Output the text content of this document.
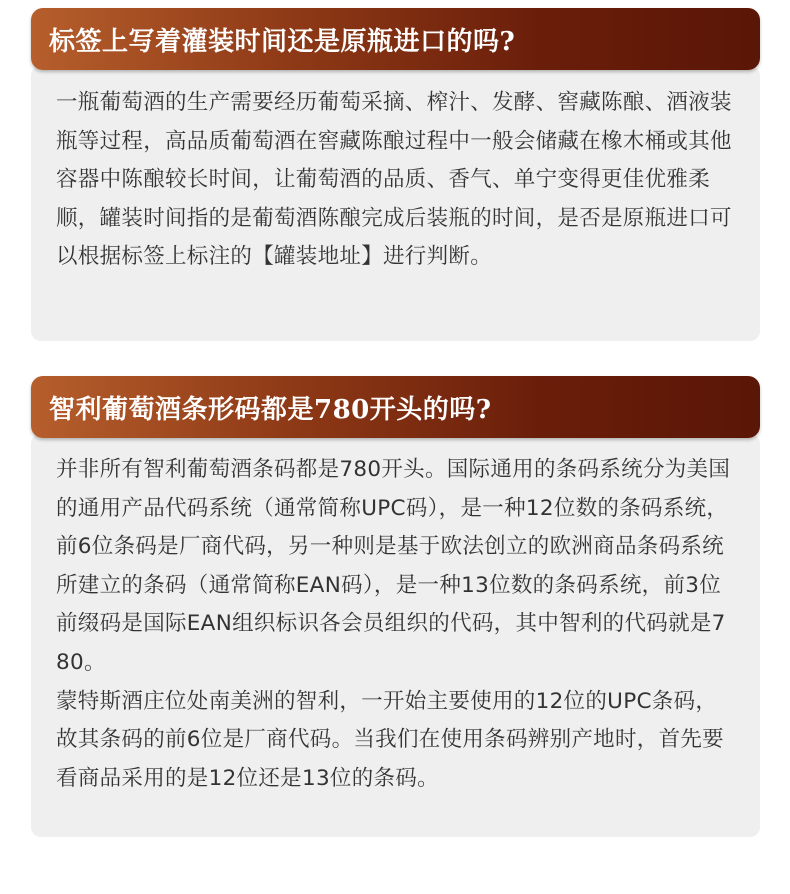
标签上写着灌装时间还是原瓶进口的吗?

一瓶葡萄酒的生产需要经历葡萄采摘、榨汁、发酵、窖藏陈酿、酒液装瓶等过程，高品质葡萄酒在窖藏陈酿过程中一般会储藏在橡木桶或其他容器中陈酿较长时间，让葡萄酒的品质、香气、单宁变得更佳优雅柔顺，罐装时间指的是葡萄酒陈酿完成后装瓶的时间，是否是原瓶进口可以根据标签上标注的【罐装地址】进行判断。

智利葡萄酒条形码都是780开头的吗?

并非所有智利葡萄酒条码都是780开头。国际通用的条码系统分为美国的通用产品代码系统（通常简称UPC码），是一种12位数的条码系统，前6位条码是厂商代码，另一种则是基于欧法创立的欧洲商品条码系统所建立的条码（通常简称EAN码），是一种13位数的条码系统，前3位前缀码是国际EAN组织标识各会员组织的代码，其中智利的代码就是780。

蒙特斯酒庄位处南美洲的智利，一开始主要使用的12位的UPC条码，故其条码的前6位是厂商代码。当我们在使用条码辨别产地时，首先要看商品采用的是12位还是13位的条码。
